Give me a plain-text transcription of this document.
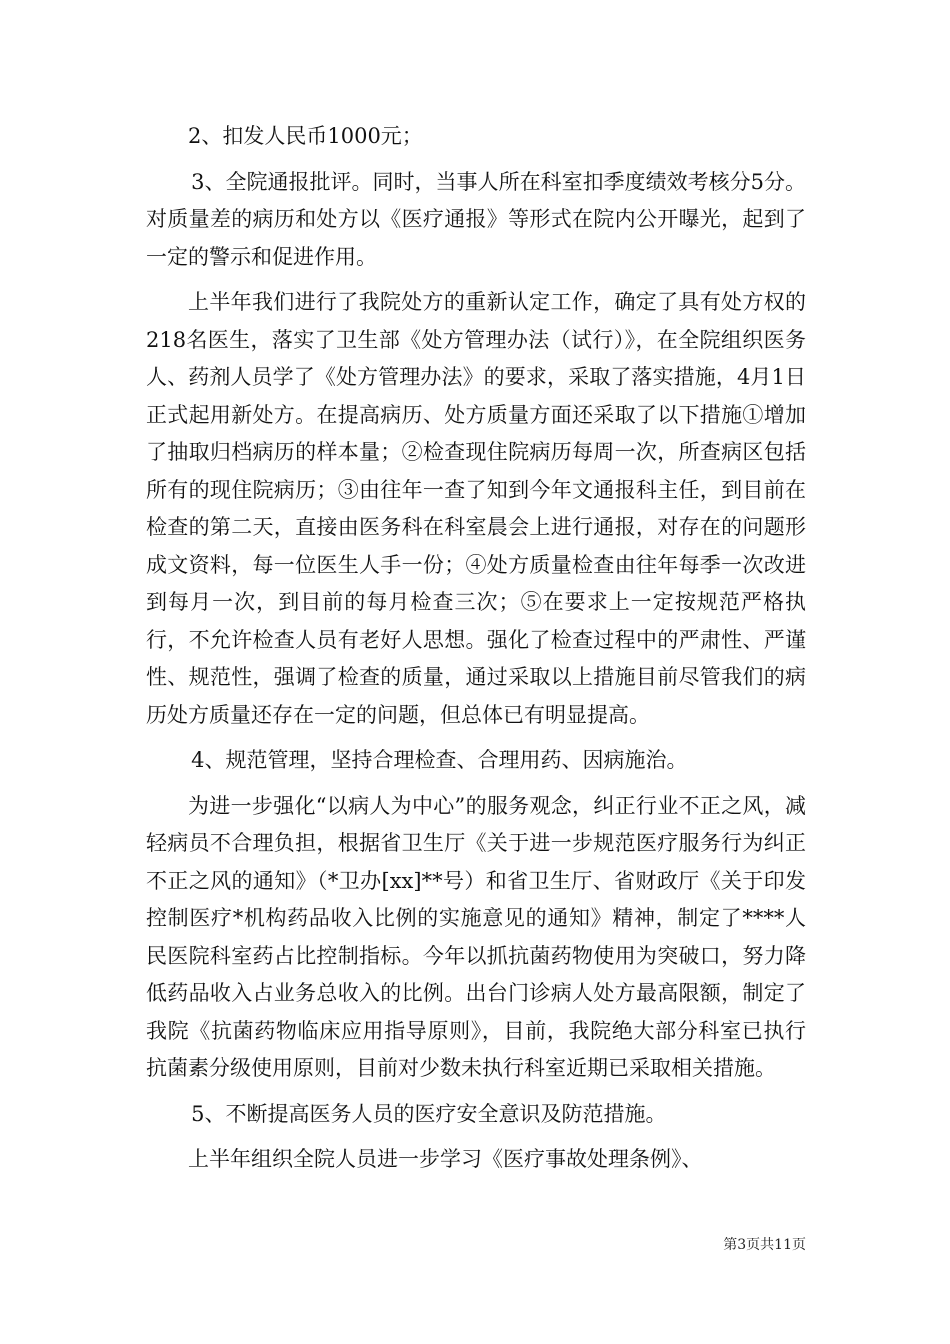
2、扣发人民币1000元；

3、全院通报批评。同时，当事人所在科室扣季度绩效考核分5分。对质量差的病历和处方以《医疗通报》等形式在院内公开曝光，起到了一定的警示和促进作用。

上半年我们进行了我院处方的重新认定工作，确定了具有处方权的218名医生，落实了卫生部《处方管理办法（试行）》，在全院组织医务人、药剂人员学了《处方管理办法》的要求，采取了落实措施，4月1日正式起用新处方。在提高病历、处方质量方面还采取了以下措施①增加了抽取归档病历的样本量；②检查现住院病历每周一次，所查病区包括所有的现住院病历；③由往年一查了知到今年文通报科主任，到目前在检查的第二天，直接由医务科在科室晨会上进行通报，对存在的问题形成文资料，每一位医生人手一份；④处方质量检查由往年每季一次改进到每月一次，到目前的每月检查三次；⑤在要求上一定按规范严格执行，不允许检查人员有老好人思想。强化了检查过程中的严肃性、严谨性、规范性，强调了检查的质量，通过采取以上措施目前尽管我们的病历处方质量还存在一定的问题，但总体已有明显提高。

4、规范管理，坚持合理检查、合理用药、因病施治。

为进一步强化“以病人为中心”的服务观念，纠正行业不正之风，减轻病员不合理负担，根据省卫生厅《关于进一步规范医疗服务行为纠正不正之风的通知》（*卫办[xx]**号）和省卫生厅、省财政厅《关于印发控制医疗*机构药品收入比例的实施意见的通知》精神，制定了****人民医院科室药占比控制指标。今年以抓抗菌药物使用为突破口，努力降低药品收入占业务总收入的比例。出台门诊病人处方最高限额，制定了我院《抗菌药物临床应用指导原则》，目前，我院绝大部分科室已执行抗菌素分级使用原则，目前对少数未执行科室近期已采取相关措施。

5、不断提高医务人员的医疗安全意识及防范措施。

上半年组织全院人员进一步学习《医疗事故处理条例》、

第3页共11页
